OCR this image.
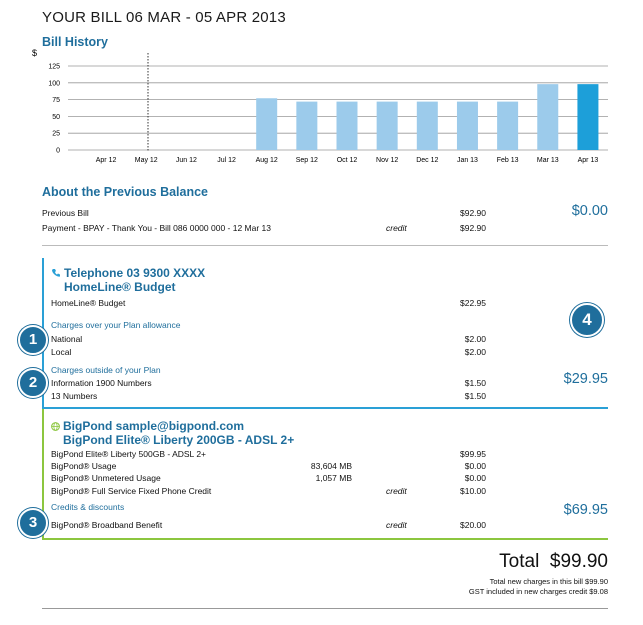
YOUR BILL 06 MAR - 05 APR 2013
Bill History
$
0
25
50
75
100
125
Apr 12	May 12	Jun 12	Jul 12	Aug 12	Sep 12	Oct 12	Nov 12	Dec 12	Jan 13	Feb 13	Mar 13	Apr 13
About the Previous Balance
Previous Bill	$92.90
Payment - BPAY - Thank You - Bill 086 0000 000 - 12 Mar 13	credit	$92.90
$0.00
Telephone 03 9300 XXXX
HomeLine® Budget
HomeLine® Budget	$22.95
Charges over your Plan allowance
National	$2.00
Local	$2.00
Charges outside of your Plan
Information 1900 Numbers	$1.50
13 Numbers	$1.50
$29.95
BigPond sample@bigpond.com
BigPond Elite® Liberty 200GB - ADSL 2+
BigPond Elite® Liberty 500GB - ADSL 2+	$99.95
BigPond® Usage	83,604 MB	$0.00
BigPond® Unmetered Usage	1,057 MB	$0.00
BigPond® Full Service Fixed Phone Credit	credit	$10.00
Credits & discounts
BigPond® Broadband Benefit	credit	$20.00
$69.95
1
2
3
4
Total $99.90
Total new charges in this bill $99.90
GST included in new charges credit $9.08
